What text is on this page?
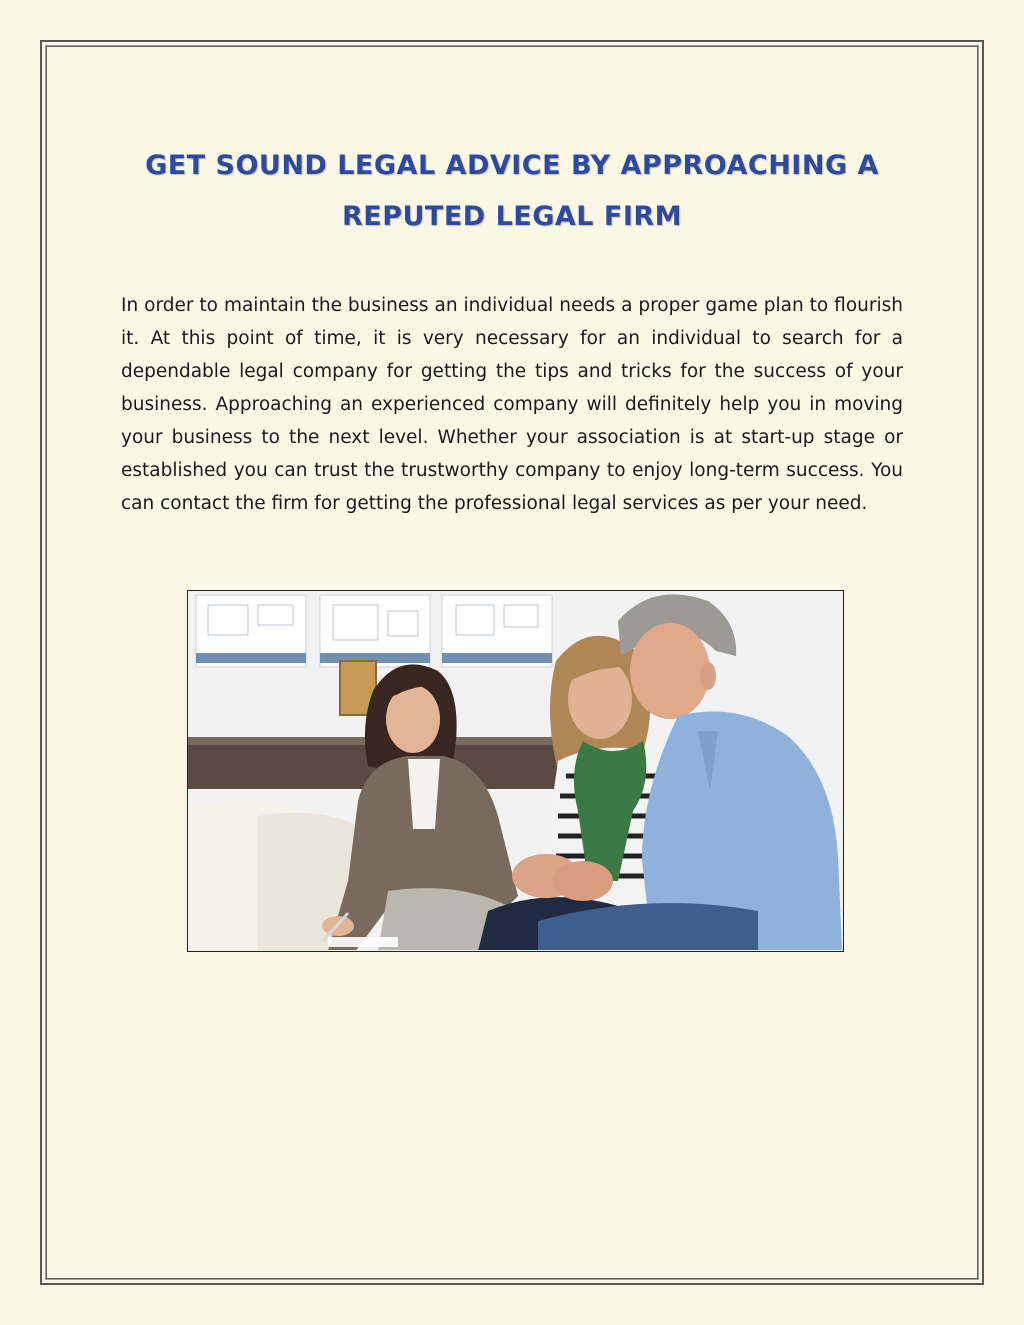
GET SOUND LEGAL ADVICE BY APPROACHING A REPUTED LEGAL FIRM

In order to maintain the business an individual needs a proper game plan to flourish it. At this point of time, it is very necessary for an individual to search for a dependable legal company for getting the tips and tricks for the success of your business. Approaching an experienced company will definitely help you in moving your business to the next level. Whether your association is at start-up stage or established you can trust the trustworthy company to enjoy long-term success. You can contact the firm for getting the professional legal services as per your need.
